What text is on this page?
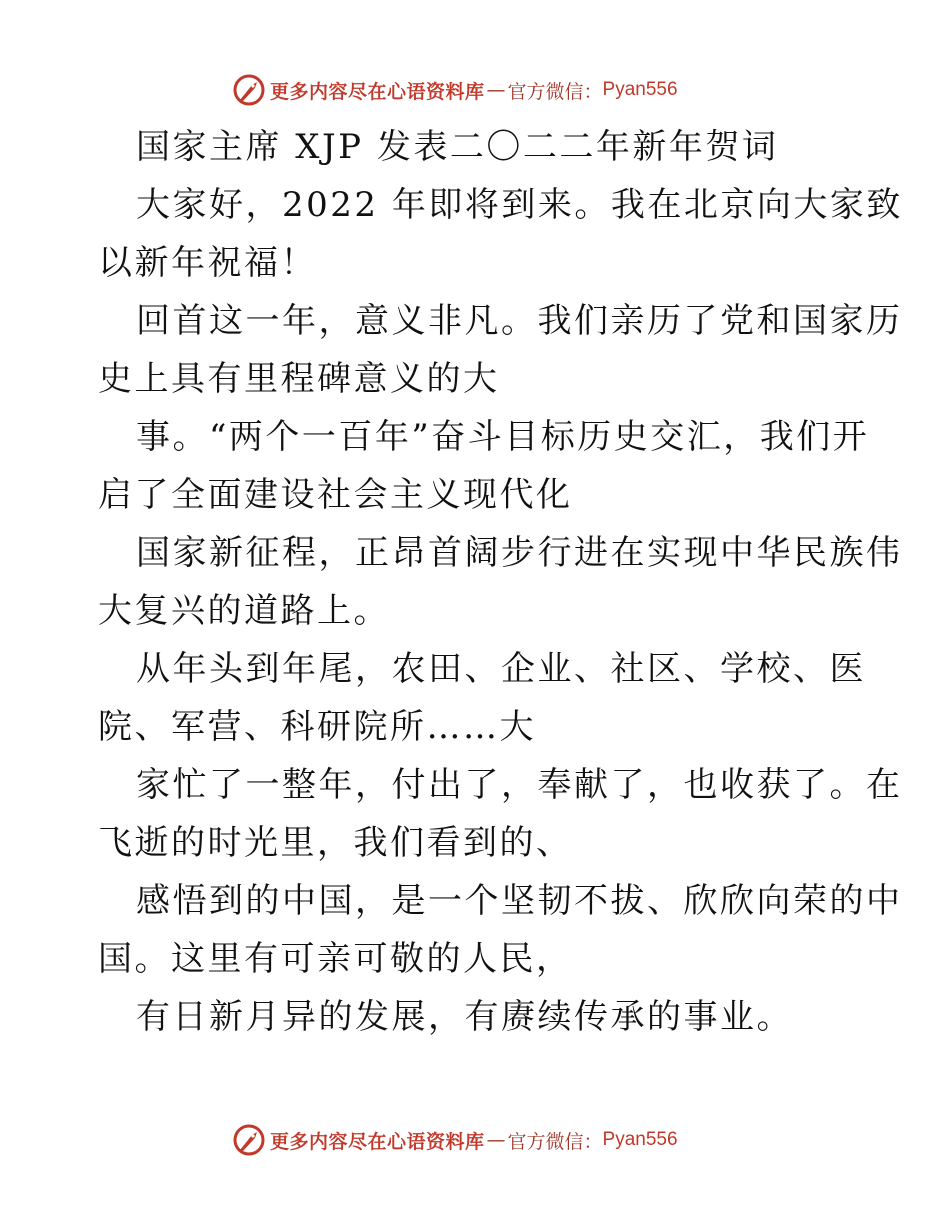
更多内容尽在心语资料库 — 官方微信： Pyan556
国家主席 XJP 发表二〇二二年新年贺词
大家好，2022 年即将到来。我在北京向大家致
以新年祝福！
回首这一年，意义非凡。我们亲历了党和国家历
史上具有里程碑意义的大
事。“两个一百年”奋斗目标历史交汇，我们开
启了全面建设社会主义现代化
国家新征程，正昂首阔步行进在实现中华民族伟
大复兴的道路上。
从年头到年尾，农田、企业、社区、学校、医
院、军营、科研院所……大
家忙了一整年，付出了，奉献了，也收获了。在
飞逝的时光里，我们看到的、
感悟到的中国，是一个坚韧不拔、欣欣向荣的中
国。这里有可亲可敬的人民，
有日新月异的发展，有赓续传承的事业。
更多内容尽在心语资料库 — 官方微信： Pyan556
